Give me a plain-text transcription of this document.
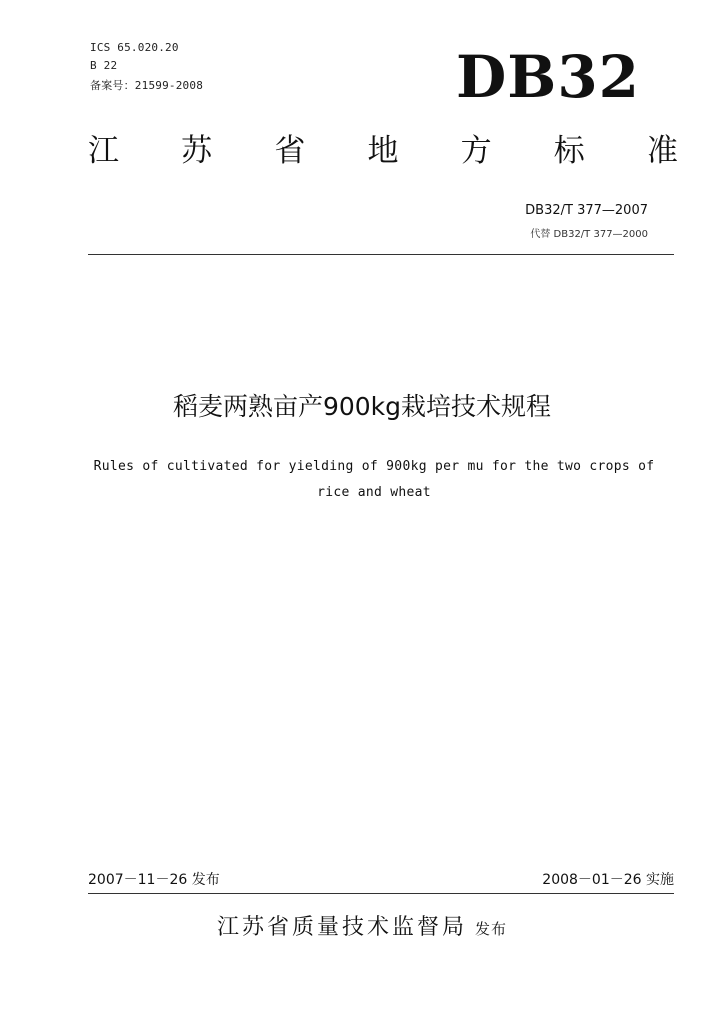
ICS 65.020.20
B 22
备案号：21599-2008	DB32
江 苏 省 地 方 标 准
DB32/T 377—2007
代替 DB32/T 377—2000
稻麦两熟亩产900kg栽培技术规程
Rules of cultivated for yielding of 900kg per mu for the two crops of
rice and wheat
2007－11－26 发布	2008－01－26 实施
江苏省质量技术监督局 发布
